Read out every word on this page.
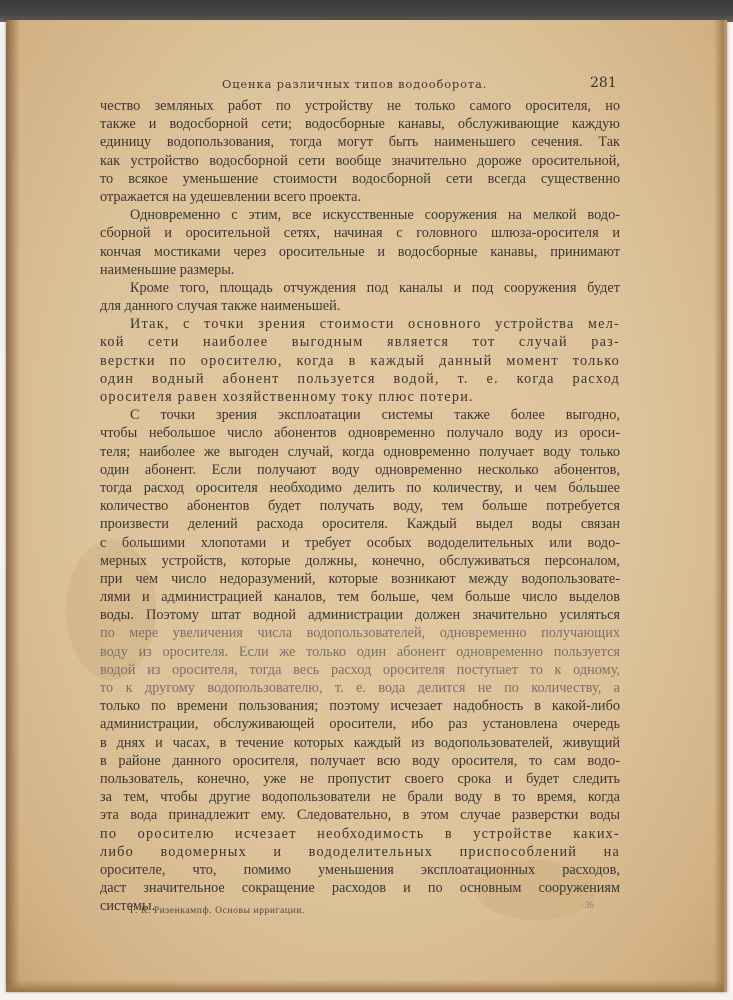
Оценка различных типов водооборота.	281
чество земляных работ по устройству не только самого оросителя, но
также и водосборной сети; водосборные канавы, обслуживающие каждую
единицу водопользования, тогда могут быть наименьшего сечения. Так
как устройство водосборной сети вообще значительно дороже оросительной,
то всякое уменьшение стоимости водосборной сети всегда существенно
отражается на удешевлении всего проекта.
Одновременно с этим, все искусственные сооружения на мелкой водо-
сборной и оросительной сетях, начиная с головного шлюза-оросителя и
кончая мостиками через оросительные и водосборные канавы, принимают
наименьшие размеры.
Кроме того, площадь отчуждения под каналы и под сооружения будет
для данного случая также наименьшей.
Итак, с точки зрения стоимости основного устройства мел-
кой сети наиболее выгодным является тот случай раз-
верстки по оросителю, когда в каждый данный момент только
один водный абонент пользуется водой, т. е. когда расход
оросителя равен хозяйственному току плюс потери.
С точки зрения эксплоатации системы также более выгодно,
чтобы небольшое число абонентов одновременно получало воду из ороси-
теля; наиболее же выгоден случай, когда одновременно получает воду только
один абонент. Если получают воду одновременно несколько абонентов,
тогда расход оросителя необходимо делить по количеству, и чем бо́льшее
количество абонентов будет получать воду, тем больше потребуется
произвести делений расхода оросителя. Каждый выдел воды связан
с большими хлопотами и требует особых вододелительных или водо-
мерных устройств, которые должны, конечно, обслуживаться персоналом,
при чем число недоразумений, которые возникают между водопользовате-
лями и администрацией каналов, тем больше, чем больше число выделов
воды. Поэтому штат водной администрации должен значительно усиляться
по мере увеличения числа водопользователей, одновременно получающих
воду из оросителя. Если же только один абонент одновременно пользуется
водой из оросителя, тогда весь расход оросителя поступает то к одному,
то к другому водопользователю, т. е. вода делится не по количеству, а
только по времени пользования; поэтому исчезает надобность в какой-либо
администрации, обслуживающей оросители, ибо раз установлена очередь
в днях и часах, в течение которых каждый из водопользователей, живущий
в районе данного оросителя, получает всю воду оросителя, то сам водо-
пользователь, конечно, уже не пропустит своего срока и будет следить
за тем, чтобы другие водопользователи не брали воду в то время, когда
эта вода принадлежит ему. Следовательно, в этом случае разверстки воды
по оросителю исчезает необходимость в устройстве каких-
либо водомерных и вододелительных приспособлений на
оросителе, что, помимо уменьшения эксплоатационных расходов,
даст значительное сокращение расходов и по основным сооружениям
системы.
Г. К. Ризенкампф. Основы ирригации.
36
